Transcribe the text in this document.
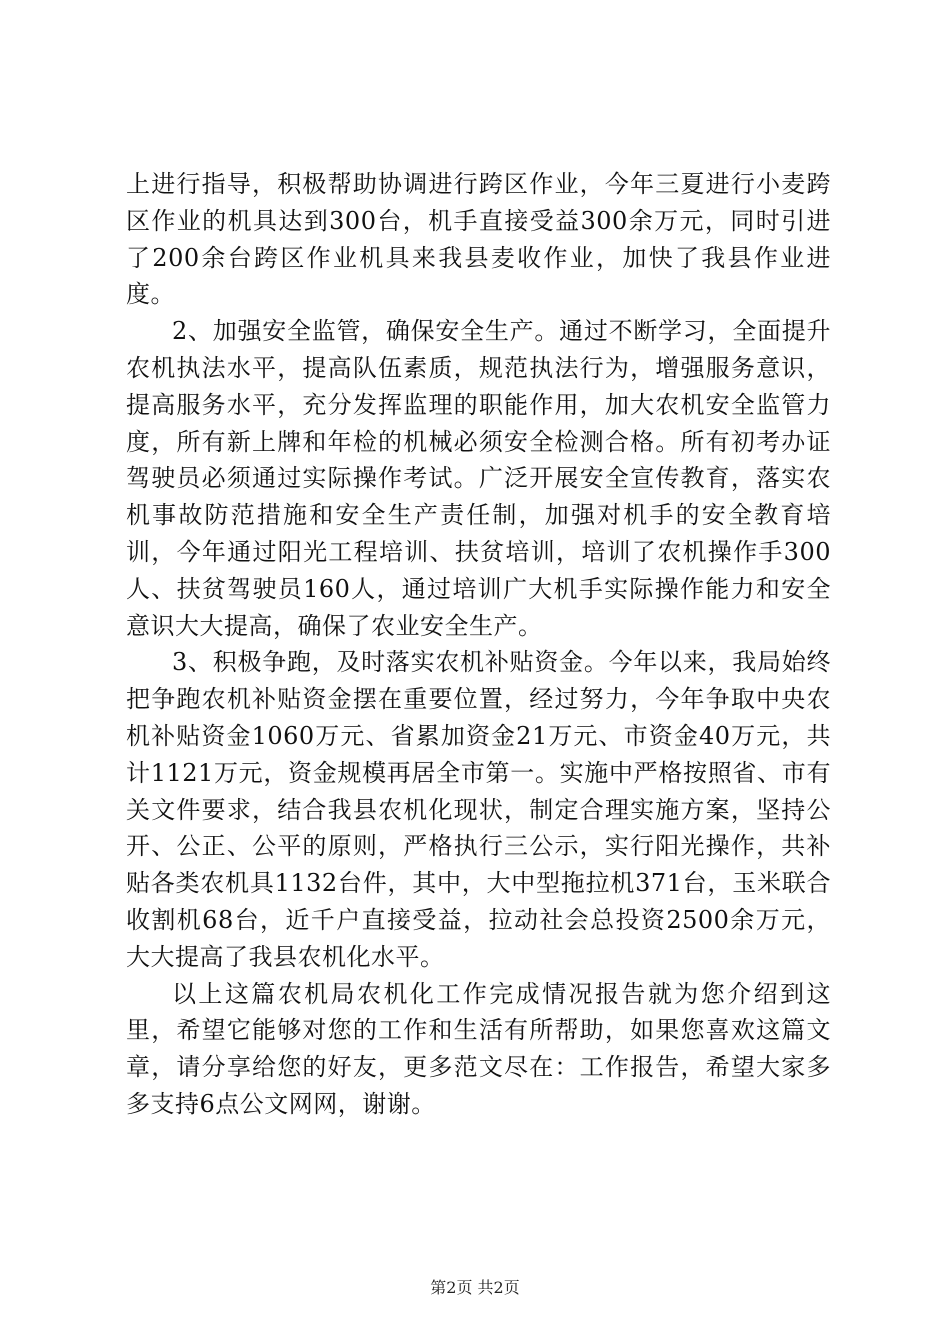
上进行指导，积极帮助协调进行跨区作业，今年三夏进行小麦跨区作业的机具达到300台，机手直接受益300余万元，同时引进了200余台跨区作业机具来我县麦收作业，加快了我县作业进度。

2、加强安全监管，确保安全生产。通过不断学习，全面提升农机执法水平，提高队伍素质，规范执法行为，增强服务意识，提高服务水平，充分发挥监理的职能作用，加大农机安全监管力度，所有新上牌和年检的机械必须安全检测合格。所有初考办证驾驶员必须通过实际操作考试。广泛开展安全宣传教育，落实农机事故防范措施和安全生产责任制，加强对机手的安全教育培训，今年通过阳光工程培训、扶贫培训，培训了农机操作手300人、扶贫驾驶员160人，通过培训广大机手实际操作能力和安全意识大大提高，确保了农业安全生产。

3、积极争跑，及时落实农机补贴资金。今年以来，我局始终把争跑农机补贴资金摆在重要位置，经过努力，今年争取中央农机补贴资金1060万元、省累加资金21万元、市资金40万元，共计1121万元，资金规模再居全市第一。实施中严格按照省、市有关文件要求，结合我县农机化现状，制定合理实施方案，坚持公开、公正、公平的原则，严格执行三公示，实行阳光操作，共补贴各类农机具1132台件，其中，大中型拖拉机371台，玉米联合收割机68台，近千户直接受益，拉动社会总投资2500余万元，大大提高了我县农机化水平。

以上这篇农机局农机化工作完成情况报告就为您介绍到这里，希望它能够对您的工作和生活有所帮助，如果您喜欢这篇文章，请分享给您的好友，更多范文尽在：工作报告，希望大家多多支持6点公文网网，谢谢。

第2页 共2页
